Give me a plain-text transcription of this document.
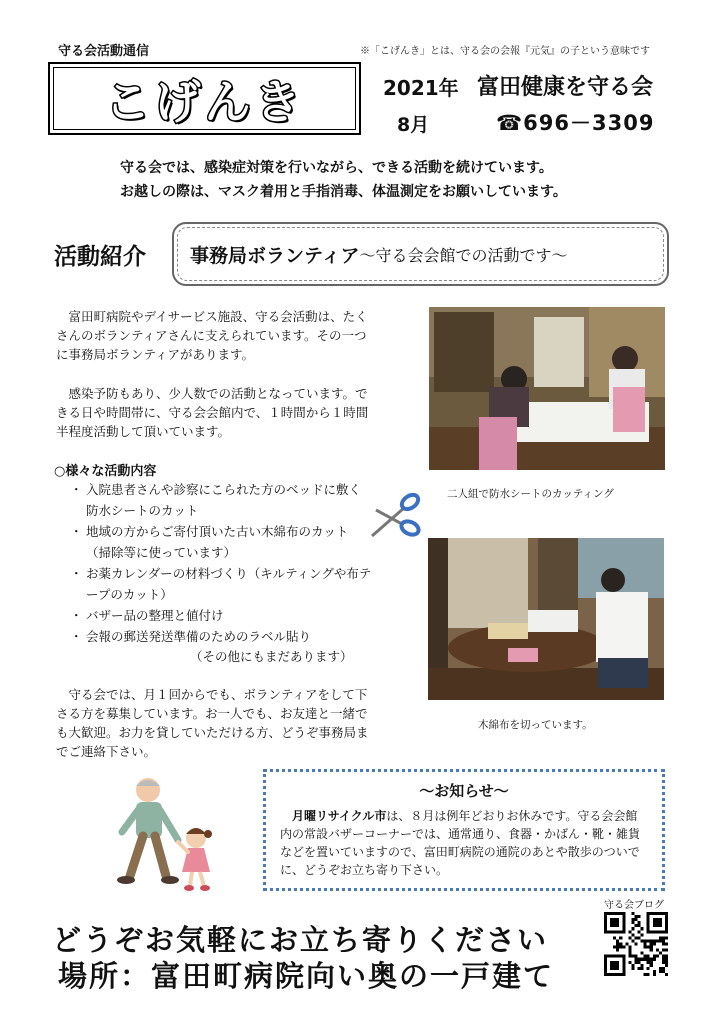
守る会活動通信	※「こげんき」とは、守る会の会報『元気』の子という意味です
こげんき	2021年 富田健康を守る会
8月	☎696－3309
守る会では、感染症対策を行いながら、できる活動を続けています。
お越しの際は、マスク着用と手指消毒、体温測定をお願いしています。
活動紹介 事務局ボランティア ～守る会会館での活動です～

富田町病院やデイサービス施設、守る会活動は、たくさんのボランティアさんに支えられています。その一つに事務局ボランティアがあります。

感染予防もあり、少人数での活動となっています。できる日や時間帯に、守る会会館内で、１時間から１時間半程度活動して頂いています。

○様々な活動内容
・ 入院患者さんや診察にこられた方のベッドに敷く防水シートのカット
・ 地域の方からご寄付頂いた古い木綿布のカット（掃除等に使っています）
・ お薬カレンダーの材料づくり（キルティングや布テープのカット）
・ バザー品の整理と値付け
・ 会報の郵送発送準備のためのラベル貼り
（その他にもまだあります）

守る会では、月１回からでも、ボランティアをして下さる方を募集しています。お一人でも、お友達と一緒でも大歓迎。お力を貸していただける方、どうぞ事務局までご連絡下さい。

二人組で防水シートのカッティング
木綿布を切っています。
～お知らせ～

月曜リサイクル市は、８月は例年どおりお休みです。守る会会館内の常設バザーコーナーでは、通常通り、食器・かばん・靴・雑貨などを置いていますので、富田町病院の通院のあとや散歩のついでに、どうぞお立ち寄り下さい。

守る会ブログ
どうぞお気軽にお立ち寄りください
場所：富田町病院向い奥の一戸建て
